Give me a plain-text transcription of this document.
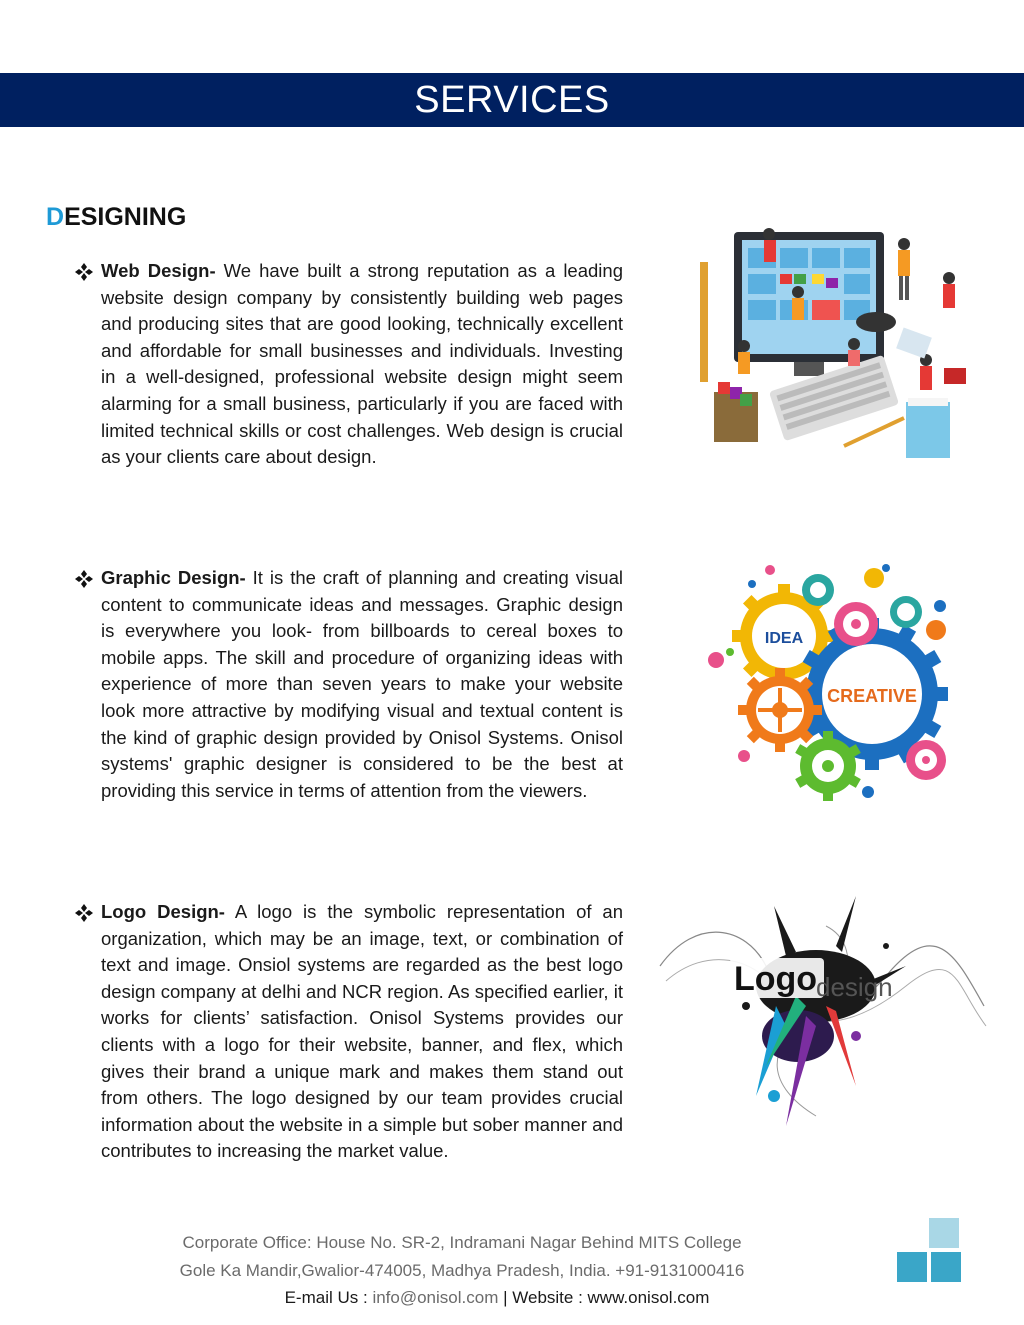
SERVICES
DESIGNING
Web Design- We have built a strong reputation as a leading website design company by consistently building web pages and producing sites that are good looking, technically excellent and affordable for small businesses and individuals. Investing in a well-designed, professional website design might seem alarming for a small business, particularly if you are faced with limited technical skills or cost challenges. Web design is crucial as your clients care about design.
Graphic Design- It is the craft of planning and creating visual content to communicate ideas and messages. Graphic design is everywhere you look- from billboards to cereal boxes to mobile apps. The skill and procedure of organizing ideas with experience of more than seven years to make your website look more attractive by modifying visual and textual content is the kind of graphic design provided by Onisol Systems. Onisol systems' graphic designer is considered to be the best at providing this service in terms of attention from the viewers.
Logo Design- A logo is the symbolic representation of an organization, which may be an image, text, or combination of text and image. Onsiol systems are regarded as the best logo design company at delhi and NCR region. As specified earlier, it works for clients’ satisfaction. Onisol Systems provides our clients with a logo for their website, banner, and flex, which gives their brand a unique mark and makes them stand out from others. The logo designed by our team provides crucial information about the website in a simple but sober manner and contributes to increasing the market value.
IDEA
CREATIVE
Logo
design
Corporate Office: House No. SR-2, Indramani Nagar Behind MITS College
Gole Ka Mandir,Gwalior-474005, Madhya Pradesh, India. +91-9131000416
E-mail Us : info@onisol.com | Website : www.onisol.com
